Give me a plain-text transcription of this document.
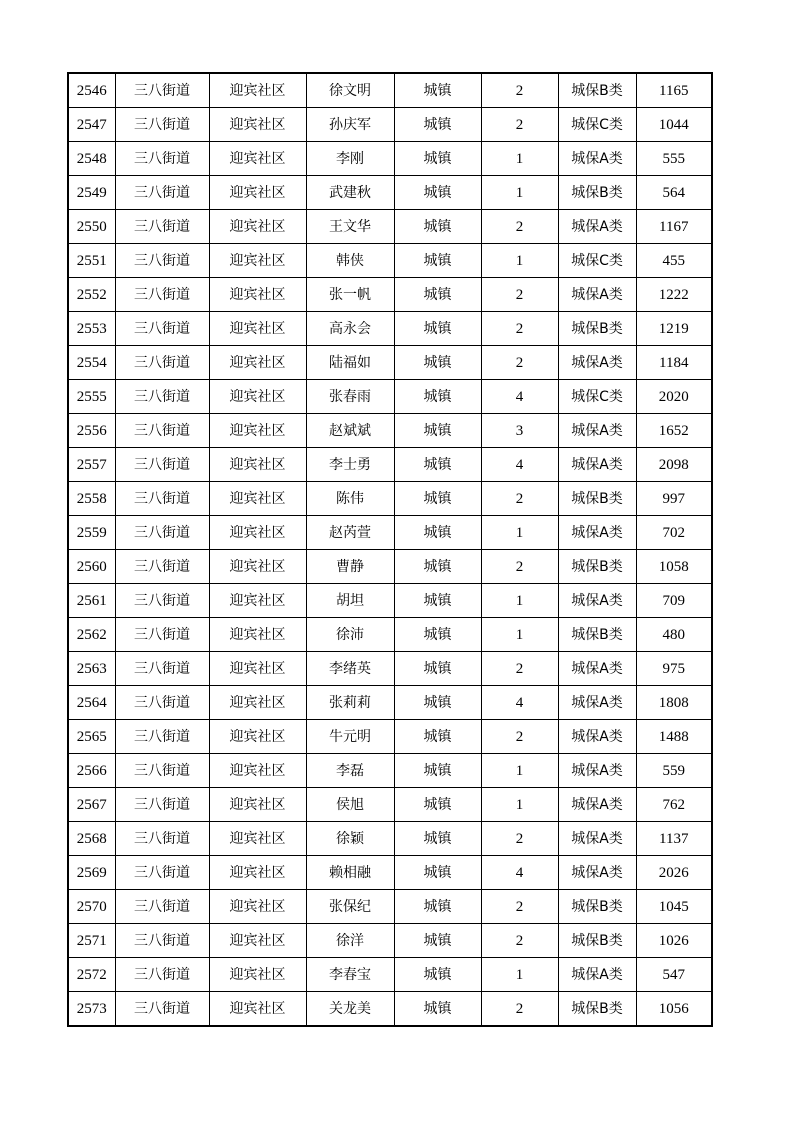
2546	三八街道	迎宾社区	徐文明	城镇	2	城保B类	1165
2547	三八街道	迎宾社区	孙庆军	城镇	2	城保C类	1044
2548	三八街道	迎宾社区	李刚	城镇	1	城保A类	555
2549	三八街道	迎宾社区	武建秋	城镇	1	城保B类	564
2550	三八街道	迎宾社区	王文华	城镇	2	城保A类	1167
2551	三八街道	迎宾社区	韩侠	城镇	1	城保C类	455
2552	三八街道	迎宾社区	张一帆	城镇	2	城保A类	1222
2553	三八街道	迎宾社区	高永会	城镇	2	城保B类	1219
2554	三八街道	迎宾社区	陆福如	城镇	2	城保A类	1184
2555	三八街道	迎宾社区	张春雨	城镇	4	城保C类	2020
2556	三八街道	迎宾社区	赵斌斌	城镇	3	城保A类	1652
2557	三八街道	迎宾社区	李士勇	城镇	4	城保A类	2098
2558	三八街道	迎宾社区	陈伟	城镇	2	城保B类	997
2559	三八街道	迎宾社区	赵芮萱	城镇	1	城保A类	702
2560	三八街道	迎宾社区	曹静	城镇	2	城保B类	1058
2561	三八街道	迎宾社区	胡坦	城镇	1	城保A类	709
2562	三八街道	迎宾社区	徐沛	城镇	1	城保B类	480
2563	三八街道	迎宾社区	李绪英	城镇	2	城保A类	975
2564	三八街道	迎宾社区	张莉莉	城镇	4	城保A类	1808
2565	三八街道	迎宾社区	牛元明	城镇	2	城保A类	1488
2566	三八街道	迎宾社区	李磊	城镇	1	城保A类	559
2567	三八街道	迎宾社区	侯旭	城镇	1	城保A类	762
2568	三八街道	迎宾社区	徐颖	城镇	2	城保A类	1137
2569	三八街道	迎宾社区	赖相融	城镇	4	城保A类	2026
2570	三八街道	迎宾社区	张保纪	城镇	2	城保B类	1045
2571	三八街道	迎宾社区	徐洋	城镇	2	城保B类	1026
2572	三八街道	迎宾社区	李春宝	城镇	1	城保A类	547
2573	三八街道	迎宾社区	关龙美	城镇	2	城保B类	1056
